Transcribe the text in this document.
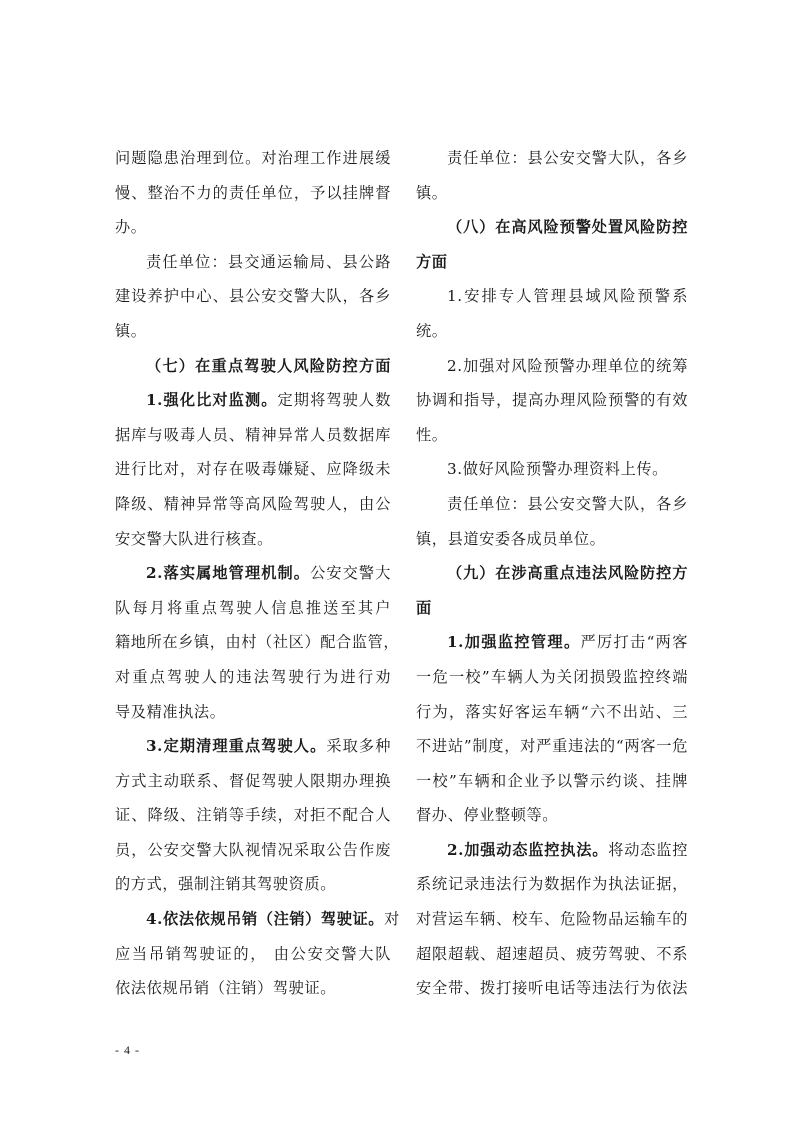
问题隐患治理到位。对治理工作进展缓
慢、整治不力的责任单位，予以挂牌督
办。
责任单位：县交通运输局、县公路
建设养护中心、县公安交警大队，各乡
镇。
（七）在重点驾驶人风险防控方面
1.强化比对监测。定期将驾驶人数
据库与吸毒人员、精神异常人员数据库
进行比对，对存在吸毒嫌疑、应降级未
降级、精神异常等高风险驾驶人，由公
安交警大队进行核查。
2.落实属地管理机制。公安交警大
队每月将重点驾驶人信息推送至其户
籍地所在乡镇，由村（社区）配合监管，
对重点驾驶人的违法驾驶行为进行劝
导及精准执法。
3.定期清理重点驾驶人。采取多种
方式主动联系、督促驾驶人限期办理换
证、降级、注销等手续，对拒不配合人
员，公安交警大队视情况采取公告作废
的方式，强制注销其驾驶资质。
4.依法依规吊销（注销）驾驶证。对
应当吊销驾驶证的， 由公安交警大队
依法依规吊销（注销）驾驶证。
责任单位：县公安交警大队，各乡
镇。
（八）在高风险预警处置风险防控
方面
1.安排专人管理县域风险预警系
统。
2.加强对风险预警办理单位的统筹
协调和指导，提高办理风险预警的有效
性。
3.做好风险预警办理资料上传。
责任单位：县公安交警大队，各乡
镇，县道安委各成员单位。
（九）在涉高重点违法风险防控方
面
1.加强监控管理。严厉打击“两客
一危一校”车辆人为关闭损毁监控终端
行为，落实好客运车辆“六不出站、三
不进站”制度，对严重违法的“两客一危
一校”车辆和企业予以警示约谈、挂牌
督办、停业整顿等。
2.加强动态监控执法。将动态监控
系统记录违法行为数据作为执法证据，
对营运车辆、校车、危险物品运输车的
超限超载、超速超员、疲劳驾驶、不系
安全带、拨打接听电话等违法行为依法
- 4 -
